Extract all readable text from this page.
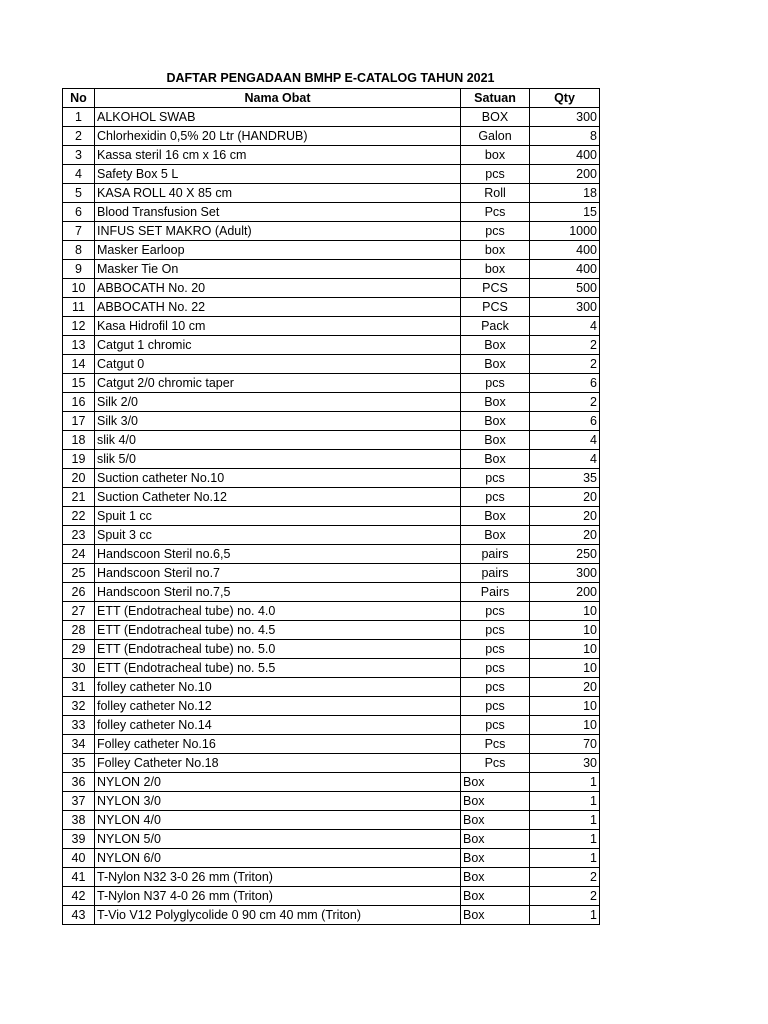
DAFTAR PENGADAAN BMHP E-CATALOG TAHUN 2021
No	Nama Obat	Satuan	Qty
1	ALKOHOL SWAB	BOX	300
2	Chlorhexidin 0,5% 20 Ltr (HANDRUB)	Galon	8
3	Kassa steril 16 cm x 16 cm	box	400
4	Safety Box 5 L	pcs	200
5	KASA ROLL 40 X 85 cm	Roll	18
6	Blood Transfusion Set	Pcs	15
7	INFUS SET MAKRO (Adult)	pcs	1000
8	Masker Earloop	box	400
9	Masker Tie On	box	400
10	ABBOCATH No. 20	PCS	500
11	ABBOCATH No. 22	PCS	300
12	Kasa Hidrofil 10 cm	Pack	4
13	Catgut 1 chromic	Box	2
14	Catgut 0	Box	2
15	Catgut 2/0 chromic taper	pcs	6
16	Silk 2/0	Box	2
17	Silk 3/0	Box	6
18	slik 4/0	Box	4
19	slik 5/0	Box	4
20	Suction catheter No.10	pcs	35
21	Suction Catheter No.12	pcs	20
22	Spuit 1 cc	Box	20
23	Spuit 3 cc	Box	20
24	Handscoon Steril no.6,5	pairs	250
25	Handscoon Steril no.7	pairs	300
26	Handscoon Steril no.7,5	Pairs	200
27	ETT (Endotracheal tube) no. 4.0	pcs	10
28	ETT (Endotracheal tube) no. 4.5	pcs	10
29	ETT (Endotracheal tube) no. 5.0	pcs	10
30	ETT (Endotracheal tube) no. 5.5	pcs	10
31	folley catheter No.10	pcs	20
32	folley catheter No.12	pcs	10
33	folley catheter No.14	pcs	10
34	Folley catheter No.16	Pcs	70
35	Folley Catheter No.18	Pcs	30
36	NYLON 2/0	Box	1
37	NYLON 3/0	Box	1
38	NYLON 4/0	Box	1
39	NYLON 5/0	Box	1
40	NYLON 6/0	Box	1
41	T-Nylon N32 3-0 26 mm (Triton)	Box	2
42	T-Nylon N37 4-0 26 mm (Triton)	Box	2
43	T-Vio V12 Polyglycolide 0 90 cm 40 mm (Triton)	Box	1
